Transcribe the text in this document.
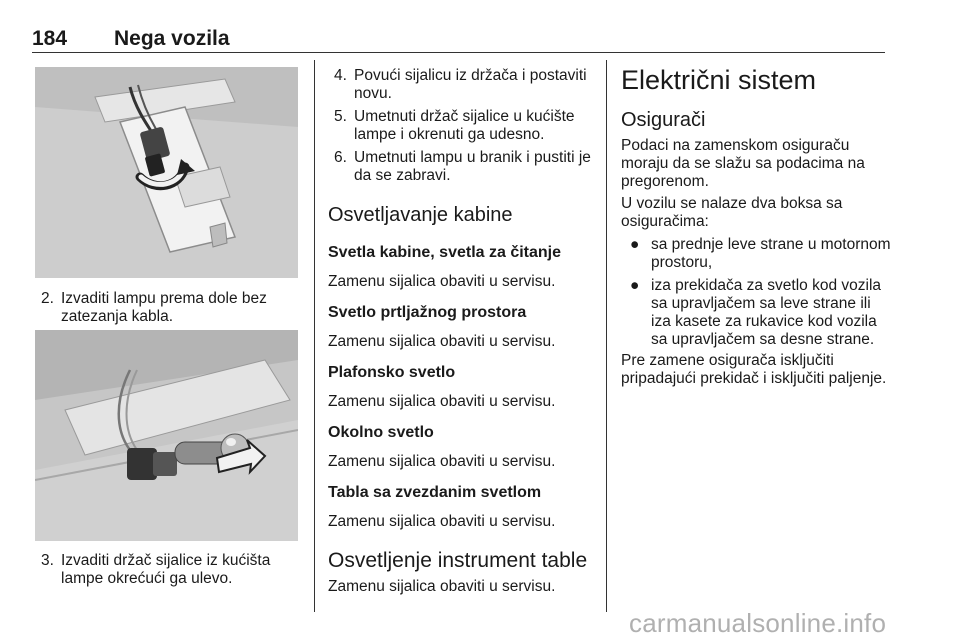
184 Nega vozila
2. Izvaditi lampu prema dole bez zatezanja kabla.
3. Izvaditi držač sijalice iz kućišta lampe okrećući ga ulevo.
4. Povući sijalicu iz držača i postaviti novu.
5. Umetnuti držač sijalice u kućište lampe i okrenuti ga udesno.
6. Umetnuti lampu u branik i pustiti je da se zabravi.
Osvetljavanje kabine
Svetla kabine, svetla za čitanje
Zamenu sijalica obaviti u servisu.
Svetlo prtljažnog prostora
Zamenu sijalica obaviti u servisu.
Plafonsko svetlo
Zamenu sijalica obaviti u servisu.
Okolno svetlo
Zamenu sijalica obaviti u servisu.
Tabla sa zvezdanim svetlom
Zamenu sijalica obaviti u servisu.
Osvetljenje instrument table
Zamenu sijalica obaviti u servisu.
Električni sistem
Osigurači
Podaci na zamenskom osiguraču moraju da se slažu sa podacima na pregorenom.
U vozilu se nalaze dva boksa sa osiguračima:
● sa prednje leve strane u motornom prostoru,
● iza prekidača za svetlo kod vozila sa upravljačem sa leve strane ili iza kasete za rukavice kod vozila sa upravljačem sa desne strane.
Pre zamene osigurača isključiti pripadajući prekidač i isključiti paljenje.
carmanualsonline.info
